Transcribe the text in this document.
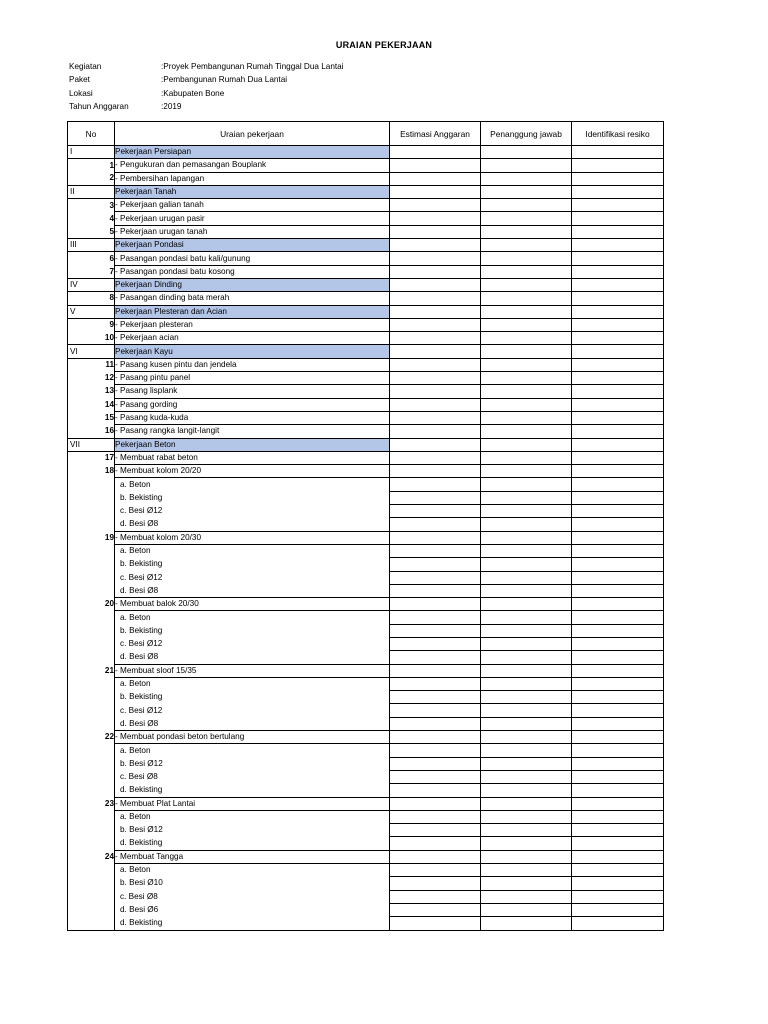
URAIAN PEKERJAAN
Kegiatan	:Proyek Pembangunan Rumah Tinggal Dua Lantai
Paket	:Pembangunan Rumah Dua Lantai
Lokasi	:Kabupaten Bone
Tahun Anggaran	:2019
No	Uraian pekerjaan	Estimasi Anggaran	Penanggung jawab	Identifikasi resiko
I	Pekerjaan Persiapan			
1	- Pengukuran dan pemasangan Bouplank			
2	- Pembersihan lapangan			
II	Pekerjaan Tanah			
3	- Pekerjaan galian tanah			
4	- Pekerjaan urugan pasir			
5	- Pekerjaan urugan tanah			
III	Pekerjaan Pondasi			
6	- Pasangan pondasi batu kali/gunung			
7	- Pasangan pondasi batu kosong			
IV	Pekerjaan Dinding			
8	- Pasangan dinding bata merah			
V	Pekerjaan Plesteran dan Acian			
9	- Pekerjaan plesteran			
10	- Pekerjaan acian			
VI	Pekerjaan Kayu			
11	- Pasang kusen pintu dan jendela			
12	- Pasang pintu panel			
13	- Pasang lisplank			
14	- Pasang gording			
15	- Pasang kuda-kuda			
16	- Pasang rangka langit-langit			
VII	Pekerjaan Beton			
17	- Membuat rabat beton			
18	- Membuat kolom 20/20			
	a. Beton			
	b. Bekisting			
	c. Besi Ø12			
	d. Besi Ø8			
19	- Membuat kolom 20/30			
	a. Beton			
	b. Bekisting			
	c. Besi Ø12			
	d. Besi Ø8			
20	- Membuat balok 20/30			
	a. Beton			
	b. Bekisting			
	c. Besi Ø12			
	d. Besi Ø8			
21	- Membuat sloof 15/35			
	a. Beton			
	b. Bekisting			
	c. Besi Ø12			
	d. Besi Ø8			
22	- Membuat pondasi beton bertulang			
	a. Beton			
	b. Besi Ø12			
	c. Besi Ø8			
	d. Bekisting			
23	- Membuat Plat Lantai			
	a. Beton			
	b. Besi Ø12			
	d. Bekisting			
24	- Membuat Tangga			
	a. Beton			
	b. Besi Ø10			
	c. Besi Ø8			
	d. Besi Ø6			
	d. Bekisting			
